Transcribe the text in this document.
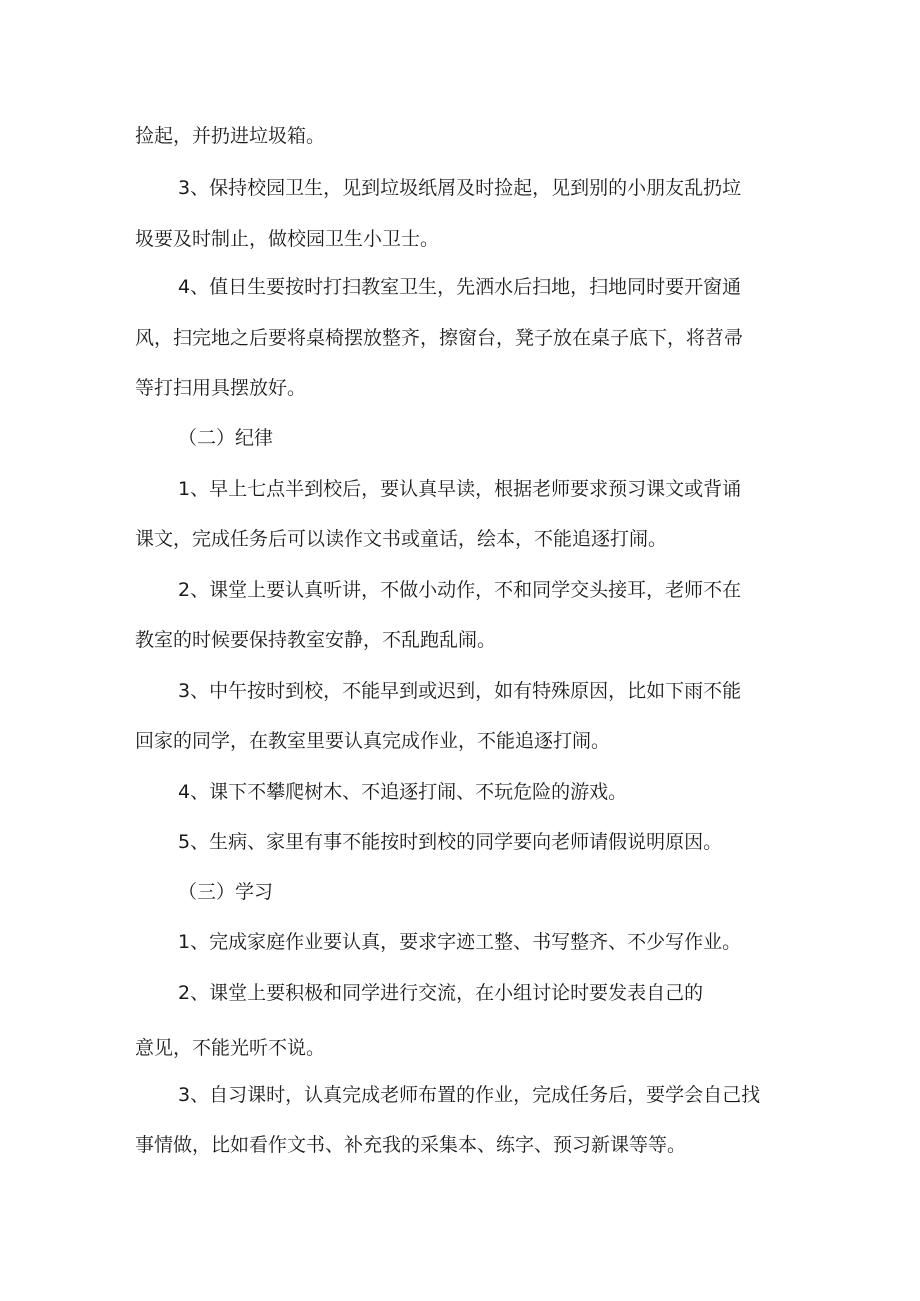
捡起，并扔进垃圾箱。
3、保持校园卫生，见到垃圾纸屑及时捡起，见到别的小朋友乱扔垃
圾要及时制止，做校园卫生小卫士。
4、值日生要按时打扫教室卫生，先洒水后扫地，扫地同时要开窗通
风，扫完地之后要将桌椅摆放整齐，擦窗台，凳子放在桌子底下，将苕帚
等打扫用具摆放好。
（二）纪律
1、早上七点半到校后，要认真早读，根据老师要求预习课文或背诵
课文，完成任务后可以读作文书或童话，绘本，不能追逐打闹。
2、课堂上要认真听讲，不做小动作，不和同学交头接耳，老师不在
教室的时候要保持教室安静，不乱跑乱闹。
3、中午按时到校，不能早到或迟到，如有特殊原因，比如下雨不能
回家的同学，在教室里要认真完成作业，不能追逐打闹。
4、课下不攀爬树木、不追逐打闹、不玩危险的游戏。
5、生病、家里有事不能按时到校的同学要向老师请假说明原因。
（三）学习
1、完成家庭作业要认真，要求字迹工整、书写整齐、不少写作业。
2、课堂上要积极和同学进行交流，在小组讨论时要发表自己的
意见，不能光听不说。
3、自习课时，认真完成老师布置的作业，完成任务后，要学会自己找
事情做，比如看作文书、补充我的采集本、练字、预习新课等等。
